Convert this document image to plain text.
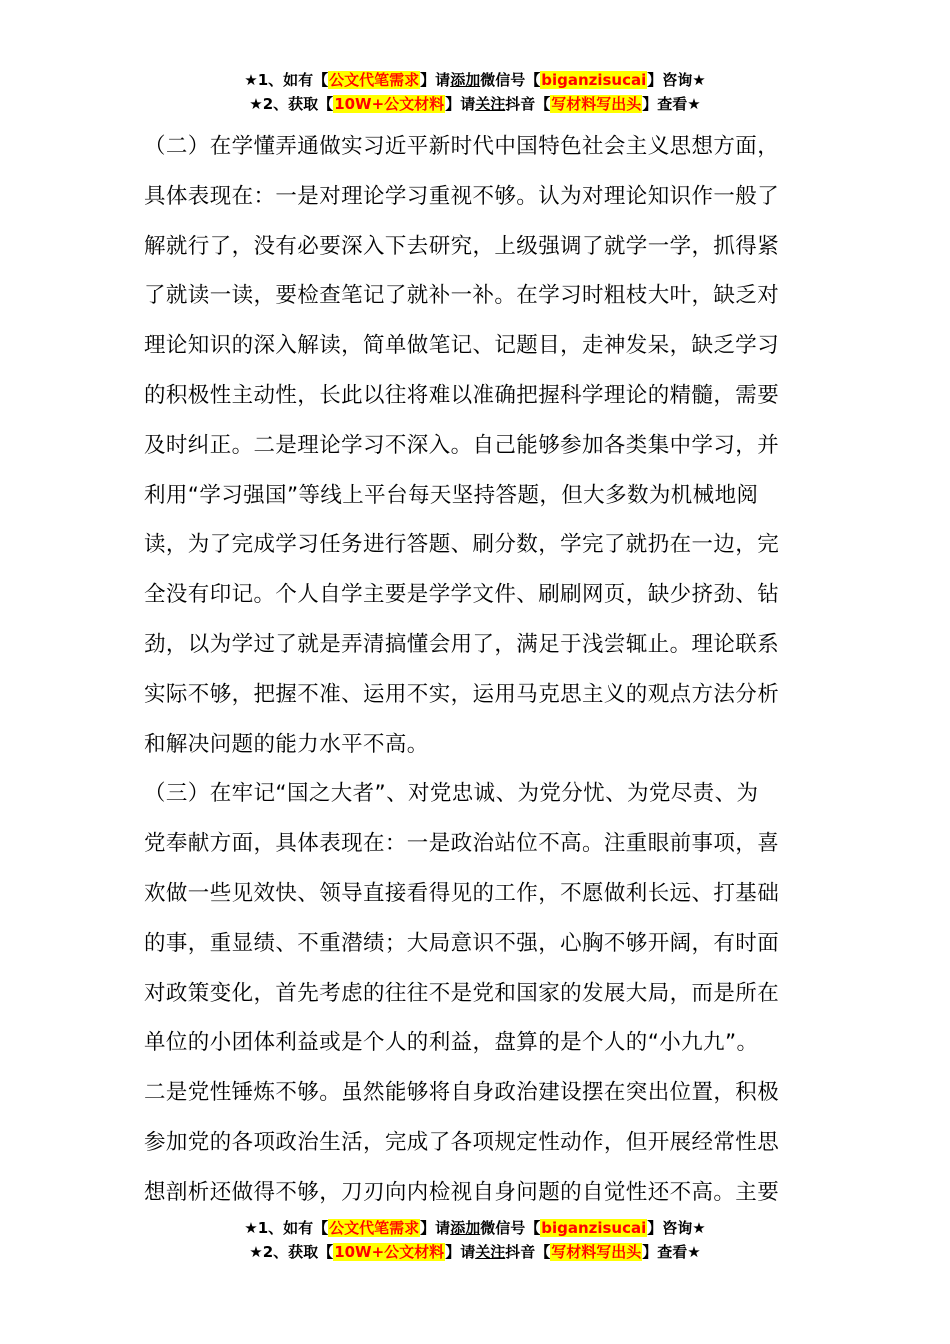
★1、如有【公文代笔需求】请添加微信号【biganzisucai】咨询★
★2、获取【10W+公文材料】请关注抖音【写材料写出头】查看★
（二）在学懂弄通做实习近平新时代中国特色社会主义思想方面，
具体表现在：一是对理论学习重视不够。认为对理论知识作一般了
解就行了，没有必要深入下去研究，上级强调了就学一学，抓得紧
了就读一读，要检查笔记了就补一补。在学习时粗枝大叶，缺乏对
理论知识的深入解读，简单做笔记、记题目，走神发呆，缺乏学习
的积极性主动性，长此以往将难以准确把握科学理论的精髓，需要
及时纠正。二是理论学习不深入。自己能够参加各类集中学习，并
利用“学习强国”等线上平台每天坚持答题，但大多数为机械地阅
读，为了完成学习任务进行答题、刷分数，学完了就扔在一边，完
全没有印记。个人自学主要是学学文件、刷刷网页，缺少挤劲、钻
劲，以为学过了就是弄清搞懂会用了，满足于浅尝辄止。理论联系
实际不够，把握不准、运用不实，运用马克思主义的观点方法分析
和解决问题的能力水平不高。
（三）在牢记“国之大者”、对党忠诚、为党分忧、为党尽责、为
党奉献方面，具体表现在：一是政治站位不高。注重眼前事项，喜
欢做一些见效快、领导直接看得见的工作，不愿做利长远、打基础
的事，重显绩、不重潜绩；大局意识不强，心胸不够开阔，有时面
对政策变化，首先考虑的往往不是党和国家的发展大局，而是所在
单位的小团体利益或是个人的利益，盘算的是个人的“小九九”。
二是党性锤炼不够。虽然能够将自身政治建设摆在突出位置，积极
参加党的各项政治生活，完成了各项规定性动作，但开展经常性思
想剖析还做得不够，刀刃向内检视自身问题的自觉性还不高。主要
★1、如有【公文代笔需求】请添加微信号【biganzisucai】咨询★
★2、获取【10W+公文材料】请关注抖音【写材料写出头】查看★
